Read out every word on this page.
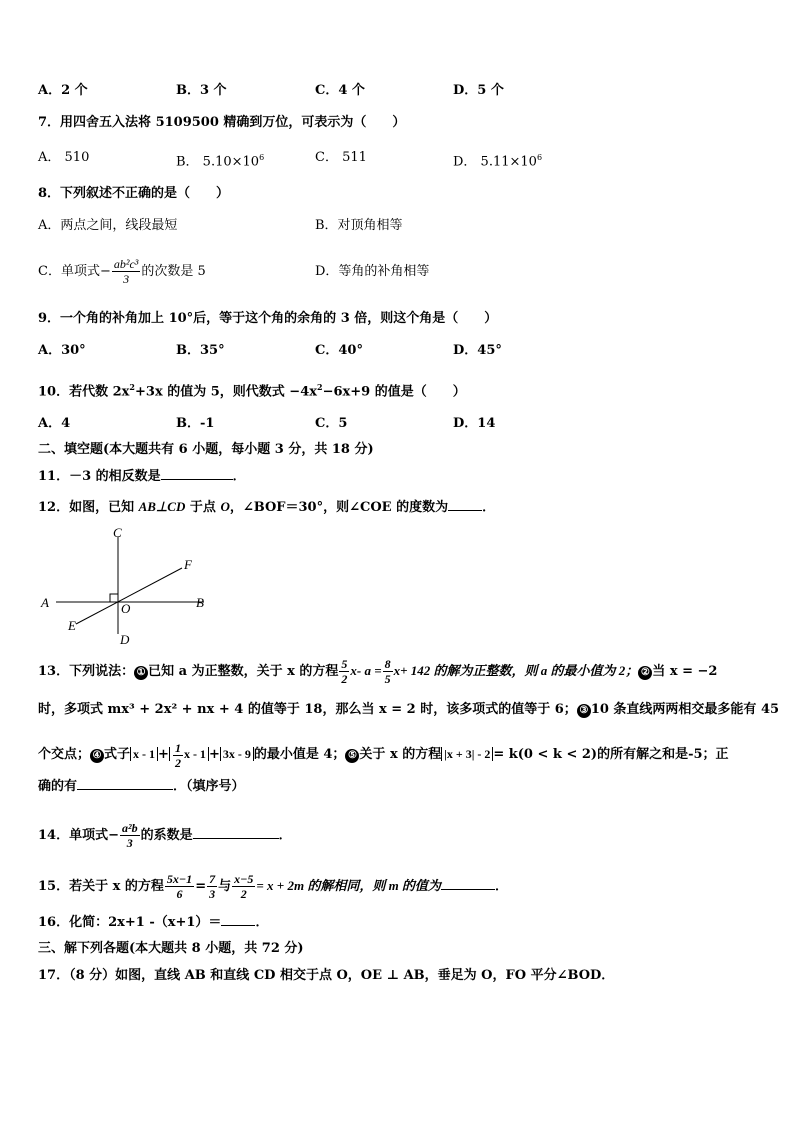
A．2 个	B．3 个	C．4 个	D．5 个
7．用四舍五入法将 5109500 精确到万位，可表示为（　　）
A． 510	B． $5.10\times 10^6$	C． 511	D． $5.11\times 10^6$
8．下列叙述不正确的是（　　）
A．两点之间，线段最短	B．对顶角相等
C．单项式− $\frac{\text{ab²c³}}{3}$ 的次数是 5	D．等角的补角相等
9．一个角的补角加上 10°后，等于这个角的余角的 3 倍，则这个角是（　　）
A．30°	B．35°	C．40°	D．45°
10．若代数 $2x^2+3x$ 的值为 5，则代数式 $-4x^2-6x+9$ 的值是（　　）
A．4	B．-1	C．5	D．14
二、填空题(本大题共有 6 小题，每小题 3 分，共 18 分)
11．－3 的相反数是	．
12．如图，已知 AB⊥CD 于点 O，∠BOF＝30°，则∠COE 的度数为	．
C
F
A	O	B
E
D
13．下列说法： ① 已知 a 为正整数，关于 x 的方程 $\frac{5}{2} x-$ $a = \frac{8}{5} x+ 142$ 的解为正整数，则 a 的最小值为 2； ② 当 x = −2
时，多项式 mx³ + 2x² + nx + 4 的值等于 18，那么当 x = 2 时，该多项式的值等于 6； ③ 10 条直线两两相交最多能有 45
个交点； ④ 式子 $x - 1 + \frac{1}{2}$ x - 1 + 3x - 9 的最小值是 4； ⑤ 关于 x 的方程 |x + 3| - 2 = k(0 < k < 2)的所有解之和是-5；正
确的有	．（填序号）
14．单项式− $\frac{\text{a²b}}{3}$ 的系数是	．
15．若关于 x 的方程 $\frac{5x-1}{6} = \frac{7}{3}$ 与 $\frac{x-5}{2} = x + 2m$ 的解相同，则 m 的值为	．
16．化简：2x+1 -（x+1）＝	．
三、解下列各题(本大题共 8 小题，共 72 分)
17．（8 分）如图，直线 AB 和直线 CD 相交于点 O，OE ⊥ AB，垂足为 O，FO 平分∠BOD．
